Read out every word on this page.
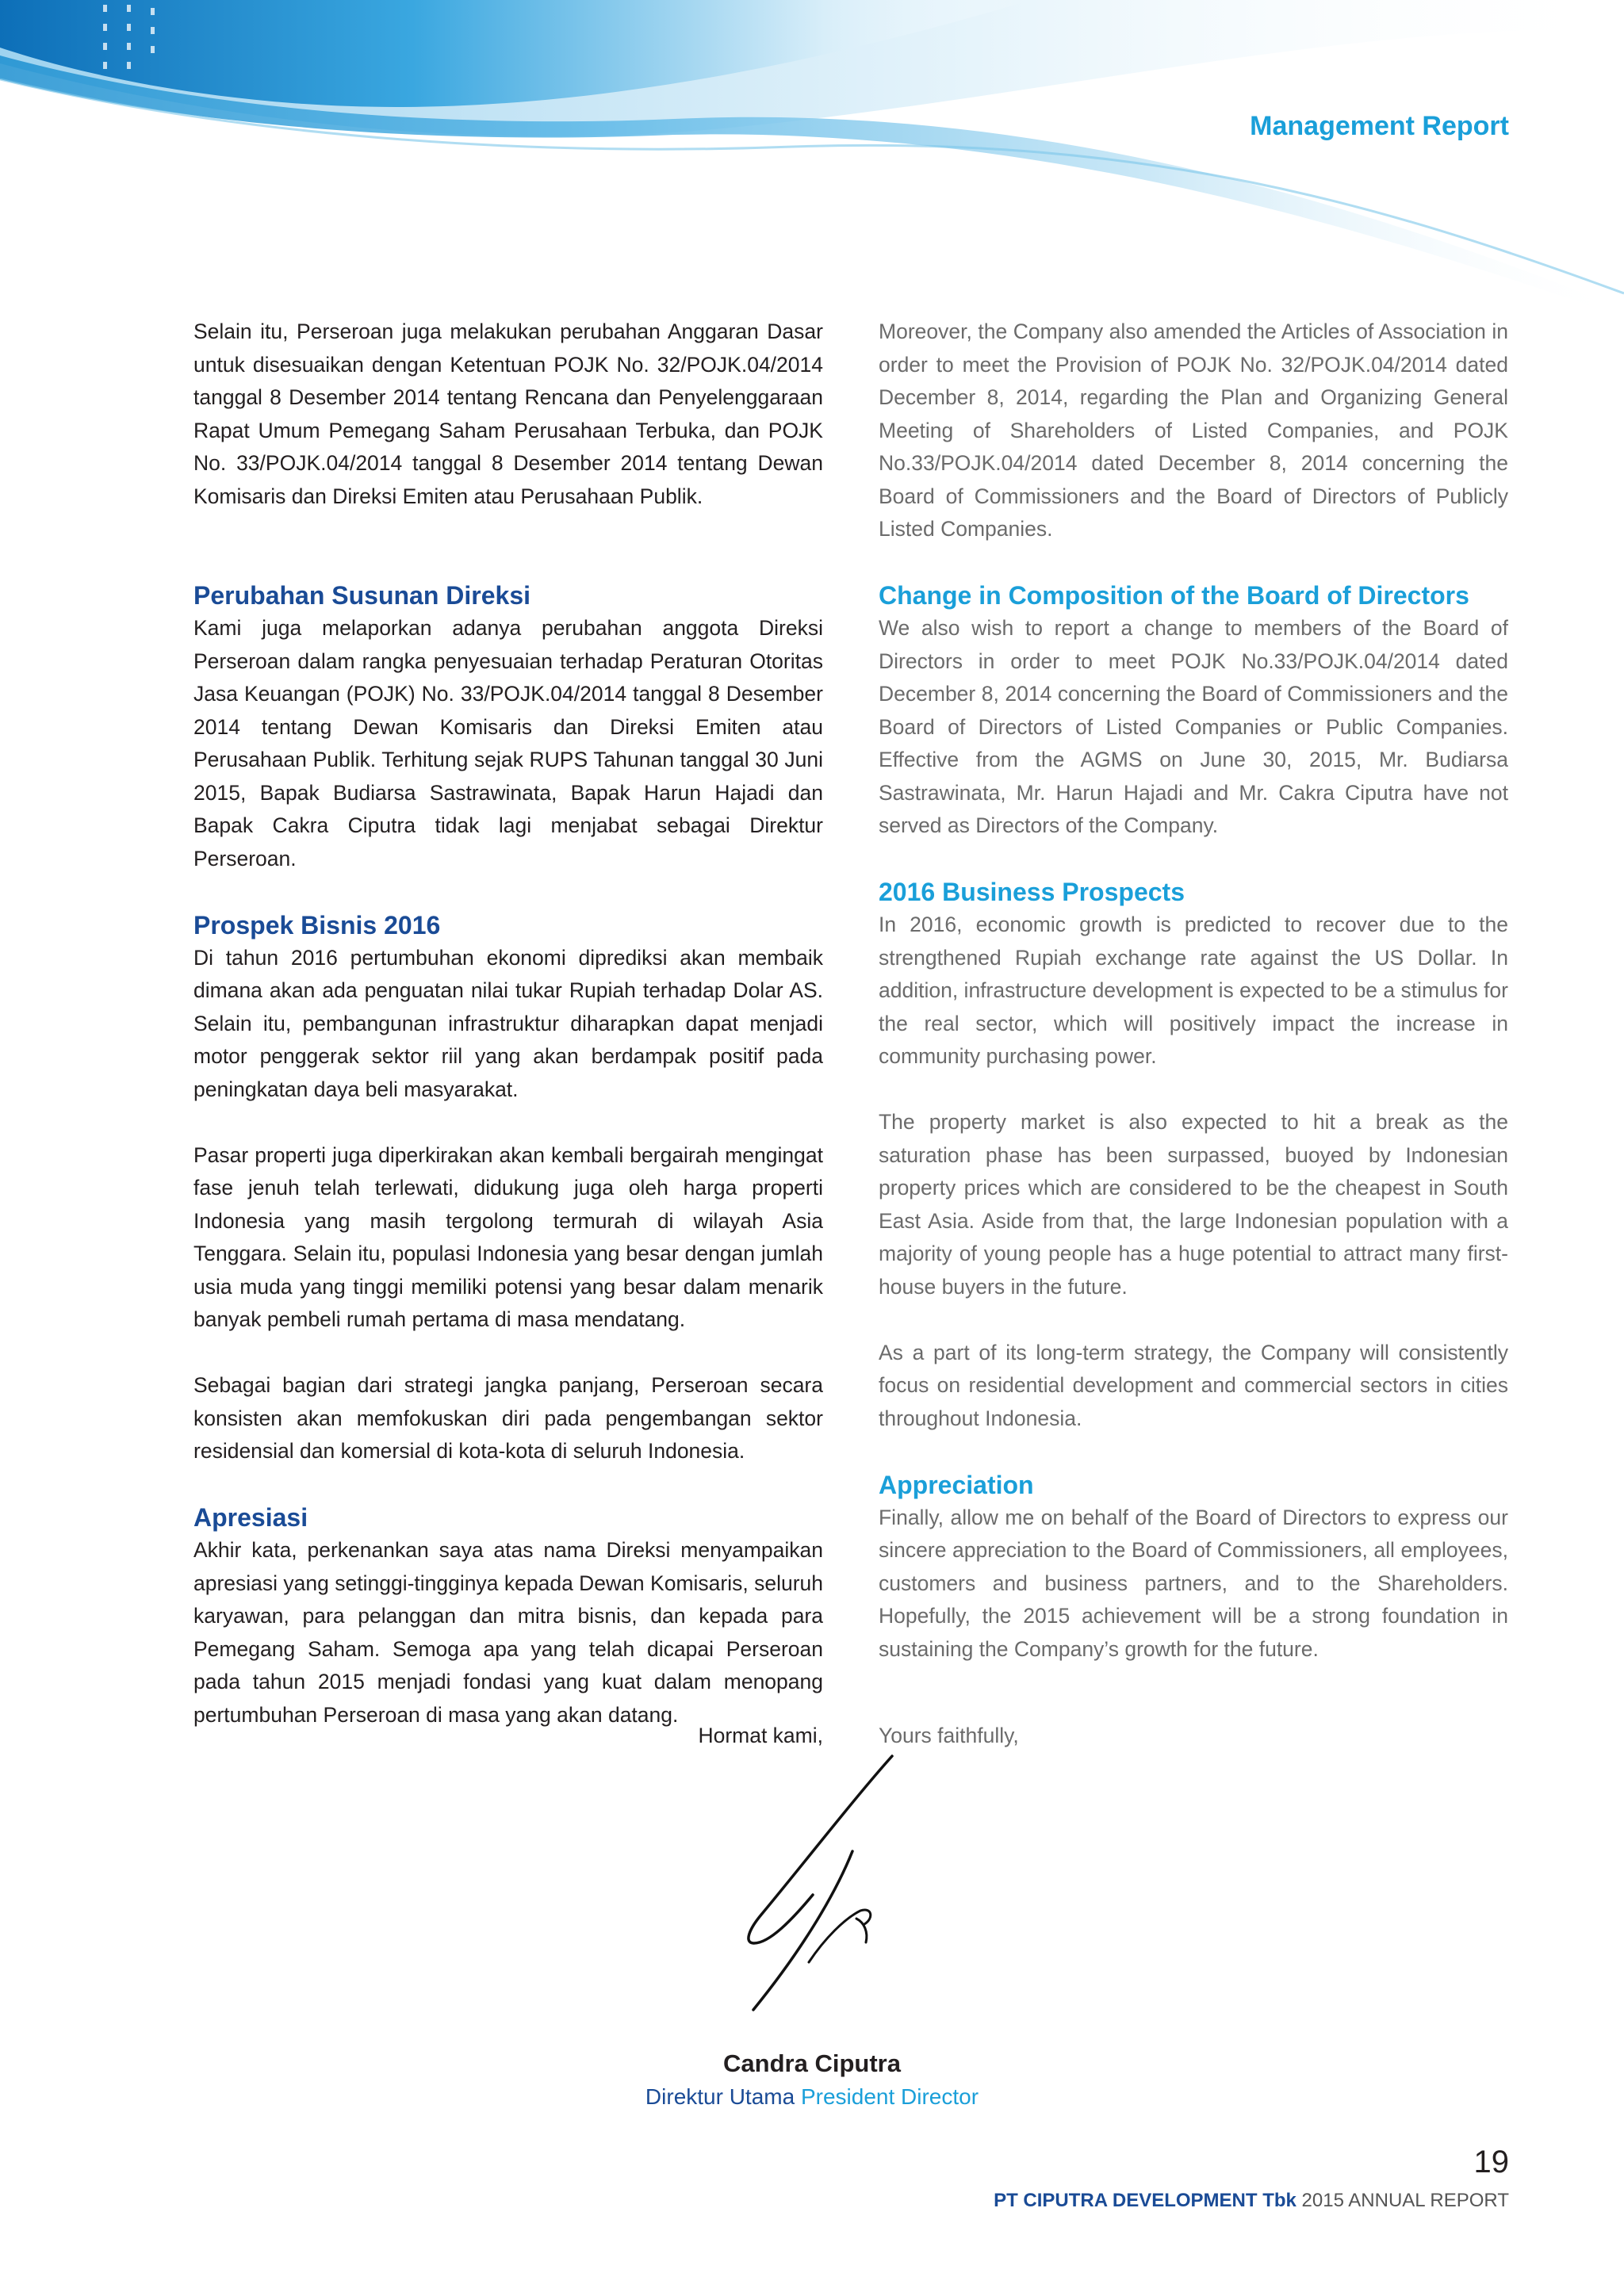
Management Report

Selain itu, Perseroan juga melakukan perubahan Anggaran Dasar untuk disesuaikan dengan Ketentuan POJK No. 32/POJK.04/2014 tanggal 8 Desember 2014 tentang Rencana dan Penyelenggaraan Rapat Umum Pemegang Saham Perusahaan Terbuka, dan POJK No. 33/POJK.04/2014 tanggal 8 Desember 2014 tentang Dewan Komisaris dan Direksi Emiten atau Perusahaan Publik.

Perubahan Susunan Direksi

Kami juga melaporkan adanya perubahan anggota Direksi Perseroan dalam rangka penyesuaian terhadap Peraturan Otoritas Jasa Keuangan (POJK) No. 33/POJK.04/2014 tanggal 8 Desember 2014 tentang Dewan Komisaris dan Direksi Emiten atau Perusahaan Publik. Terhitung sejak RUPS Tahunan tanggal 30 Juni 2015, Bapak Budiarsa Sastrawinata, Bapak Harun Hajadi dan Bapak Cakra Ciputra tidak lagi menjabat sebagai Direktur Perseroan.

Prospek Bisnis 2016

Di tahun 2016 pertumbuhan ekonomi diprediksi akan membaik dimana akan ada penguatan nilai tukar Rupiah terhadap Dolar AS. Selain itu, pembangunan infrastruktur diharapkan dapat menjadi motor penggerak sektor riil yang akan berdampak positif pada peningkatan daya beli masyarakat.

Pasar properti juga diperkirakan akan kembali bergairah mengingat fase jenuh telah terlewati, didukung juga oleh harga properti Indonesia yang masih tergolong termurah di wilayah Asia Tenggara. Selain itu, populasi Indonesia yang besar dengan jumlah usia muda yang tinggi memiliki potensi yang besar dalam menarik banyak pembeli rumah pertama di masa mendatang.

Sebagai bagian dari strategi jangka panjang, Perseroan secara konsisten akan memfokuskan diri pada pengembangan sektor residensial dan komersial di kota-kota di seluruh Indonesia.

Apresiasi

Akhir kata, perkenankan saya atas nama Direksi menyampaikan apresiasi yang setinggi-tingginya kepada Dewan Komisaris, seluruh karyawan, para pelanggan dan mitra bisnis, dan kepada para Pemegang Saham. Semoga apa yang telah dicapai Perseroan pada tahun 2015 menjadi fondasi yang kuat dalam menopang pertumbuhan Perseroan di masa yang akan datang.

Moreover, the Company also amended the Articles of Association in order to meet the Provision of POJK No. 32/POJK.04/2014 dated December 8, 2014, regarding the Plan and Organizing General Meeting of Shareholders of Listed Companies, and POJK No.33/POJK.04/2014 dated December 8, 2014 concerning the Board of Commissioners and the Board of Directors of Publicly Listed Companies.

Change in Composition of the Board of Directors

We also wish to report a change to members of the Board of Directors in order to meet POJK No.33/POJK.04/2014 dated December 8, 2014 concerning the Board of Commissioners and the Board of Directors of Listed Companies or Public Companies. Effective from the AGMS on June 30, 2015, Mr. Budiarsa Sastrawinata, Mr. Harun Hajadi and Mr. Cakra Ciputra have not served as Directors of the Company.

2016 Business Prospects

In 2016, economic growth is predicted to recover due to the strengthened Rupiah exchange rate against the US Dollar. In addition, infrastructure development is expected to be a stimulus for the real sector, which will positively impact the increase in community purchasing power.

The property market is also expected to hit a break as the saturation phase has been surpassed, buoyed by Indonesian property prices which are considered to be the cheapest in South East Asia. Aside from that, the large Indonesian population with a majority of young people has a huge potential to attract many first-house buyers in the future.

As a part of its long-term strategy, the Company will consistently focus on residential development and commercial sectors in cities throughout Indonesia.

Appreciation

Finally, allow me on behalf of the Board of Directors to express our sincere appreciation to the Board of Commissioners, all employees, customers and business partners, and to the Shareholders. Hopefully, the 2015 achievement will be a strong foundation in sustaining the Company’s growth for the future.

Hormat kami,	Yours faithfully,
Candra Ciputra
Direktur Utama President Director
19
PT CIPUTRA DEVELOPMENT Tbk 2015 ANNUAL REPORT
